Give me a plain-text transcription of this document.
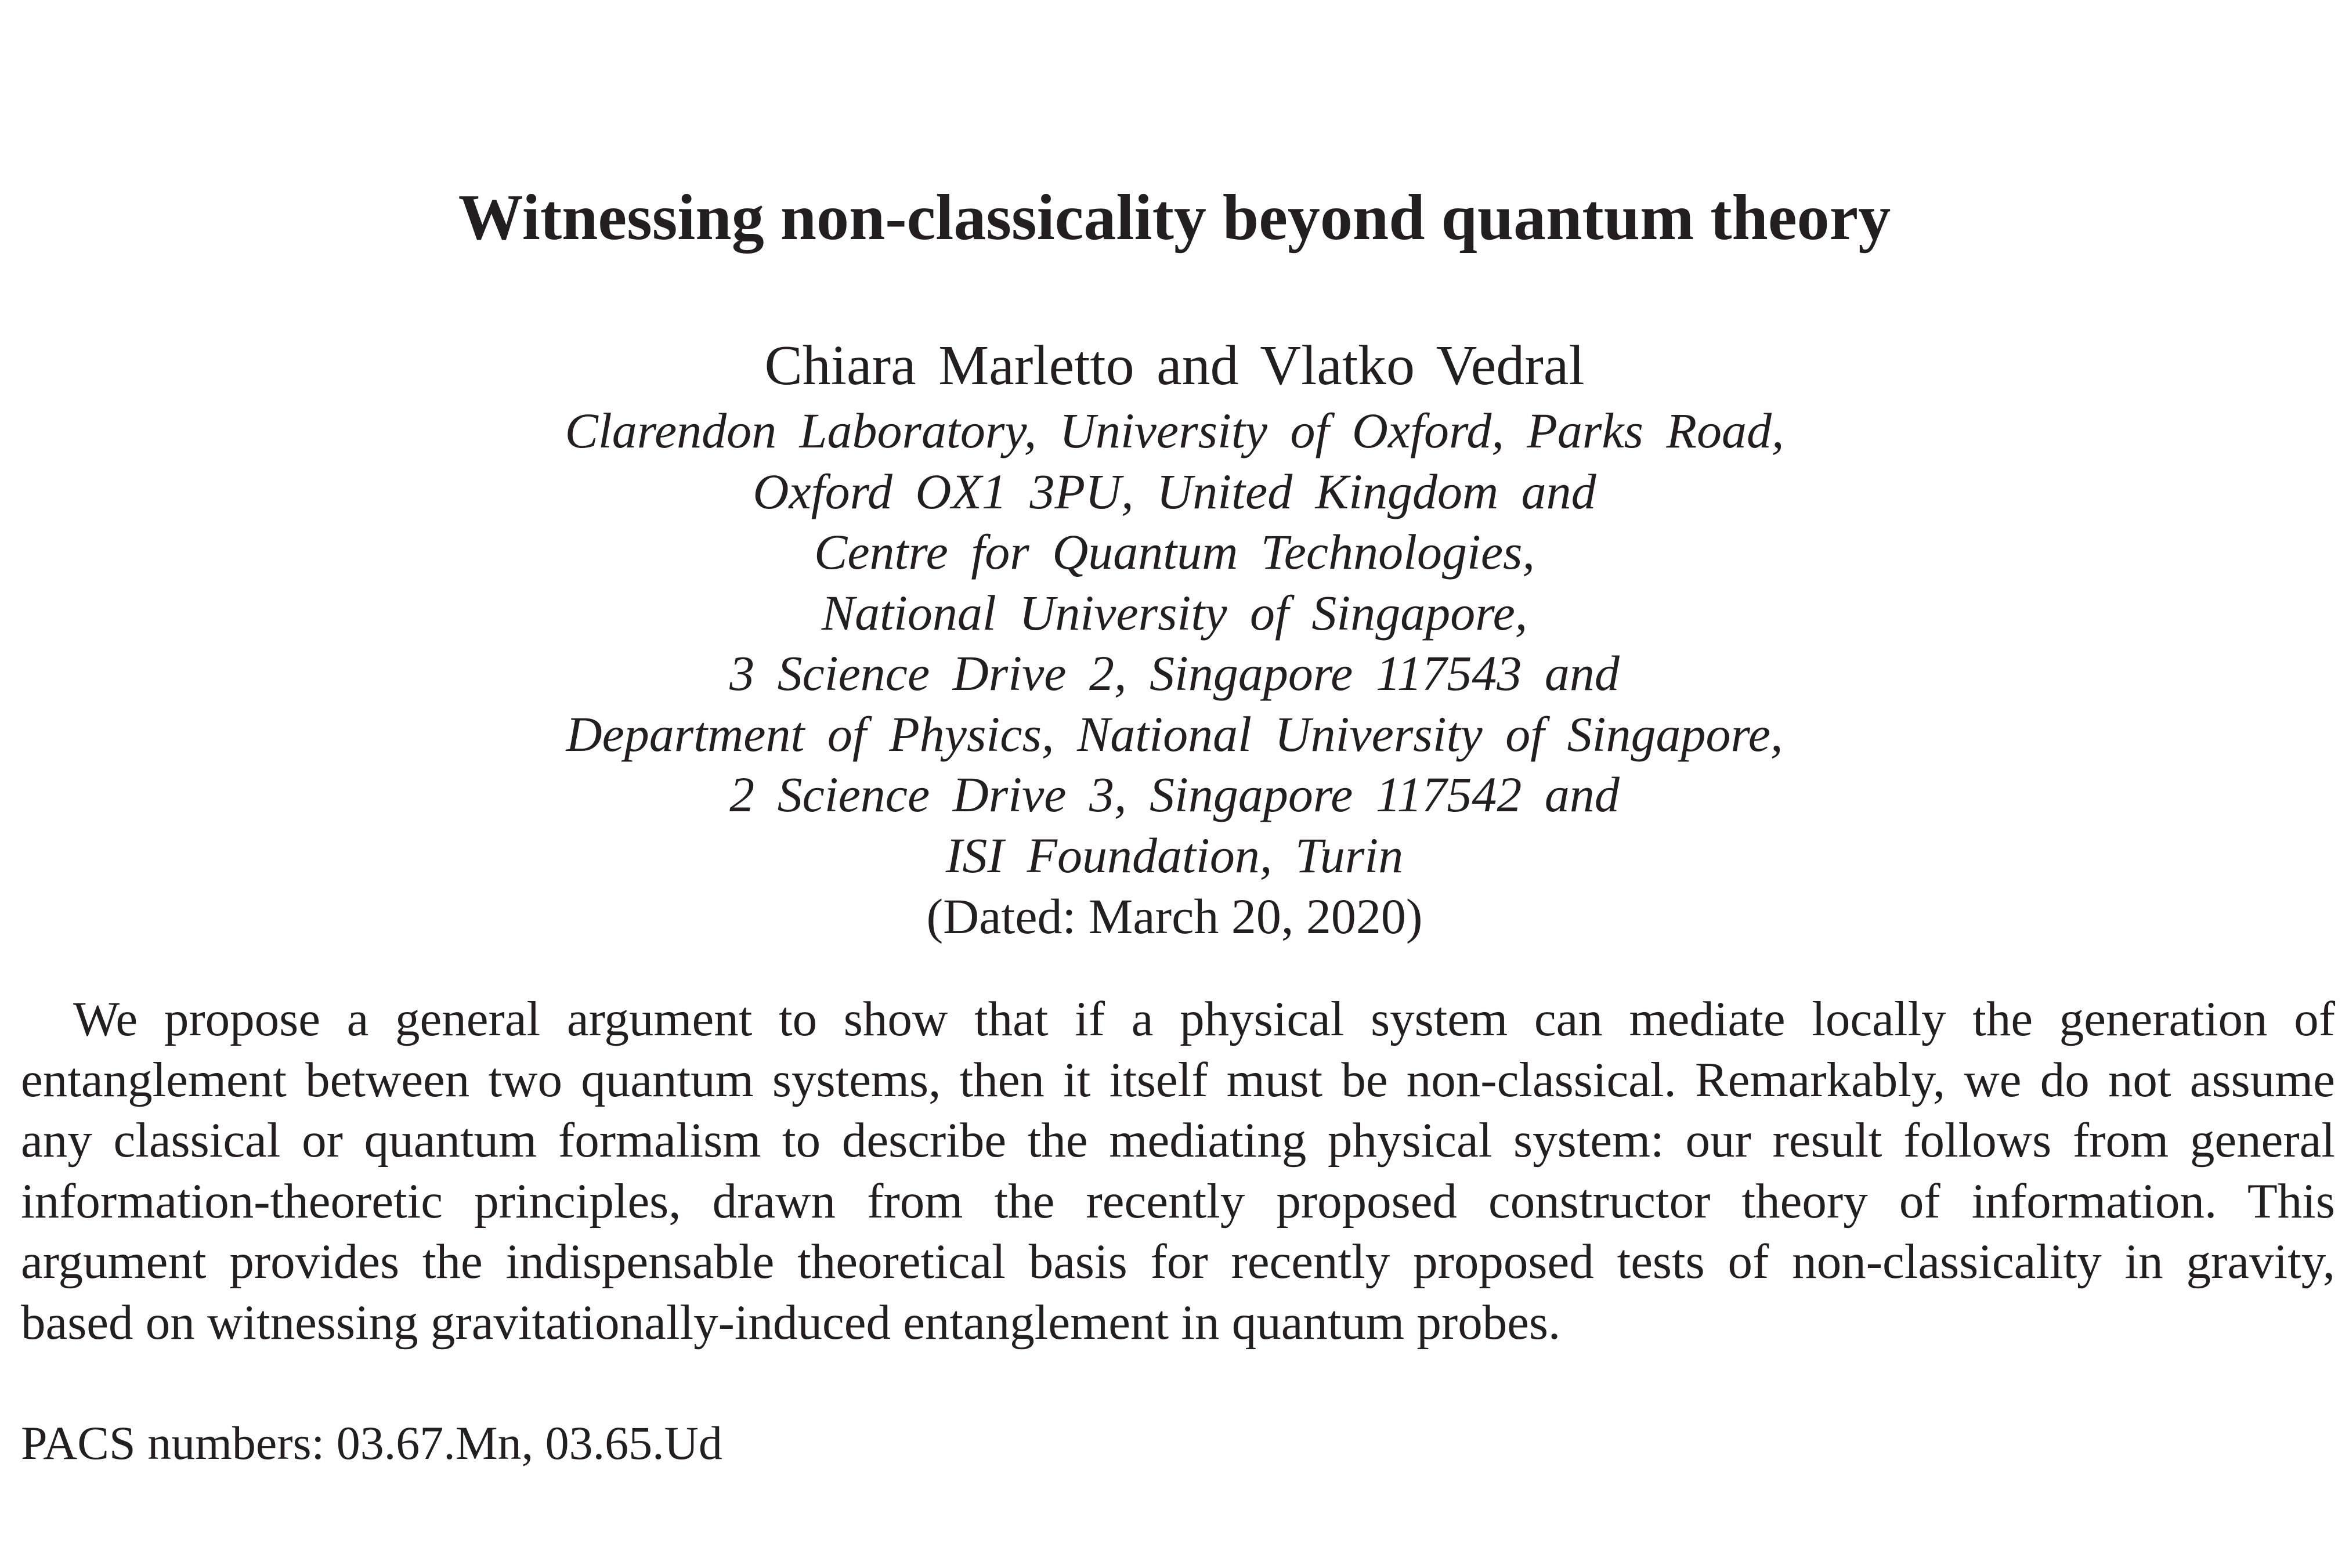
Witnessing non-classicality beyond quantum theory
Chiara Marletto and Vlatko Vedral
Clarendon Laboratory, University of Oxford, Parks Road,
Oxford OX1 3PU, United Kingdom and
Centre for Quantum Technologies,
National University of Singapore,
3 Science Drive 2, Singapore 117543 and
Department of Physics, National University of Singapore,
2 Science Drive 3, Singapore 117542 and
ISI Foundation, Turin
(Dated: March 20, 2020)
We propose a general argument to show that if a physical system can mediate locally the generation of
entanglement between two quantum systems, then it itself must be non-classical. Remarkably, we do not assume
any classical or quantum formalism to describe the mediating physical system: our result follows from general
information-theoretic principles, drawn from the recently proposed constructor theory of information. This
argument provides the indispensable theoretical basis for recently proposed tests of non-classicality in gravity,
based on witnessing gravitationally-induced entanglement in quantum probes.
PACS numbers: 03.67.Mn, 03.65.Ud
